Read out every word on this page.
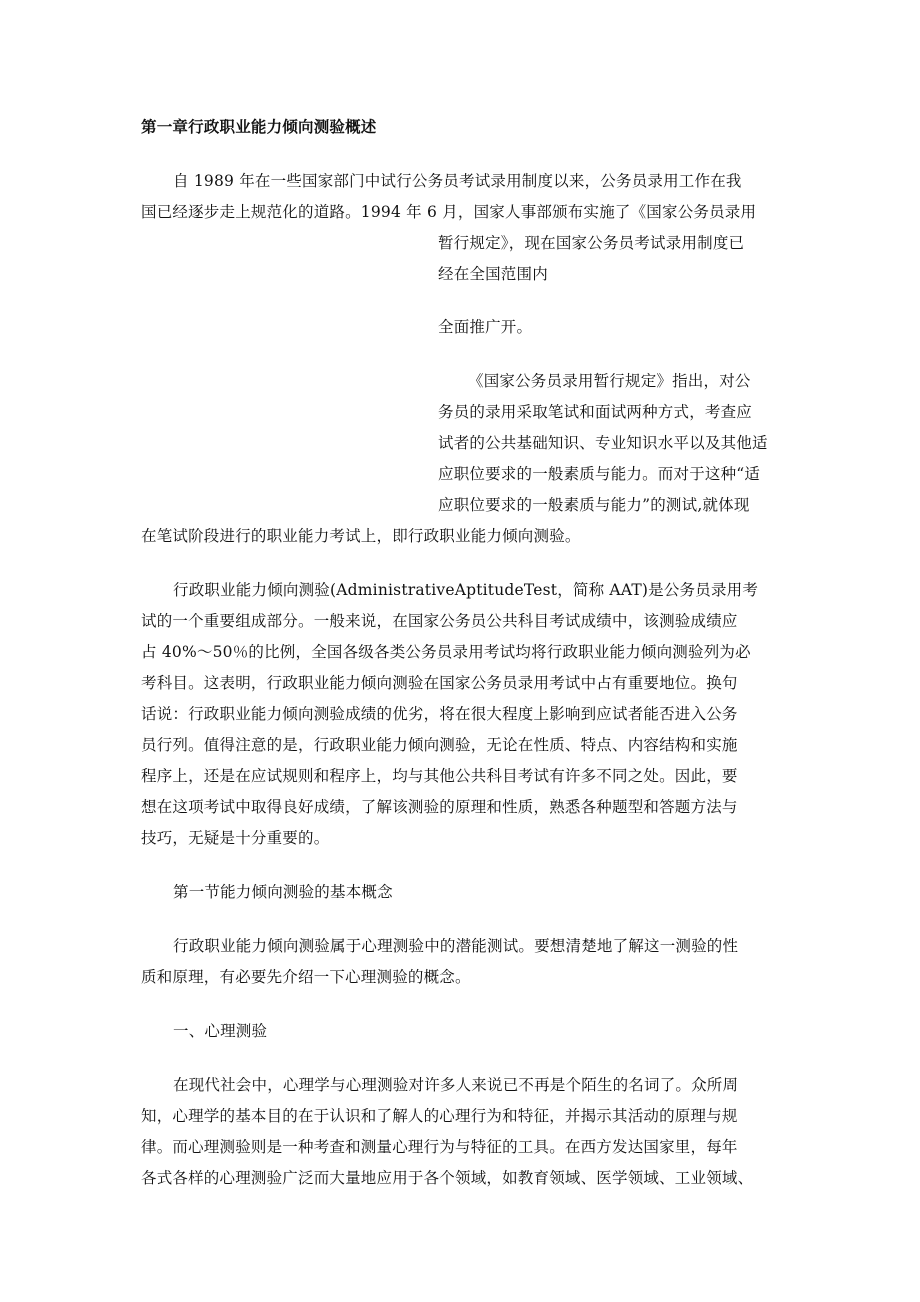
第一章行政职业能力倾向测验概述
自 1989 年在一些国家部门中试行公务员考试录用制度以来，公务员录用工作在我
国已经逐步走上规范化的道路。1994 年 6 月，国家人事部颁布实施了《国家公务员录用
暂行规定》，现在国家公务员考试录用制度已
经在全国范围内
全面推广开。
《国家公务员录用暂行规定》指出，对公
务员的录用采取笔试和面试两种方式，考查应
试者的公共基础知识、专业知识水平以及其他适
应职位要求的一般素质与能力。而对于这种“适
应职位要求的一般素质与能力”的测试,就体现
在笔试阶段进行的职业能力考试上，即行政职业能力倾向测验。
行政职业能力倾向测验(AdministrativeAptitudeTest，简称 AAT)是公务员录用考
试的一个重要组成部分。一般来说，在国家公务员公共科目考试成绩中，该测验成绩应
占 40%～50％的比例，全国各级各类公务员录用考试均将行政职业能力倾向测验列为必
考科目。这表明，行政职业能力倾向测验在国家公务员录用考试中占有重要地位。换句
话说：行政职业能力倾向测验成绩的优劣，将在很大程度上影响到应试者能否进入公务
员行列。值得注意的是，行政职业能力倾向测验，无论在性质、特点、内容结构和实施
程序上，还是在应试规则和程序上，均与其他公共科目考试有许多不同之处。因此，要
想在这项考试中取得良好成绩，了解该测验的原理和性质，熟悉各种题型和答题方法与
技巧，无疑是十分重要的。
第一节能力倾向测验的基本概念
行政职业能力倾向测验属于心理测验中的潜能测试。要想清楚地了解这一测验的性
质和原理，有必要先介绍一下心理测验的概念。
一、心理测验
在现代社会中，心理学与心理测验对许多人来说已不再是个陌生的名词了。众所周
知，心理学的基本目的在于认识和了解人的心理行为和特征，并揭示其活动的原理与规
律。而心理测验则是一种考查和测量心理行为与特征的工具。在西方发达国家里，每年
各式各样的心理测验广泛而大量地应用于各个领域，如教育领域、医学领域、工业领域、
